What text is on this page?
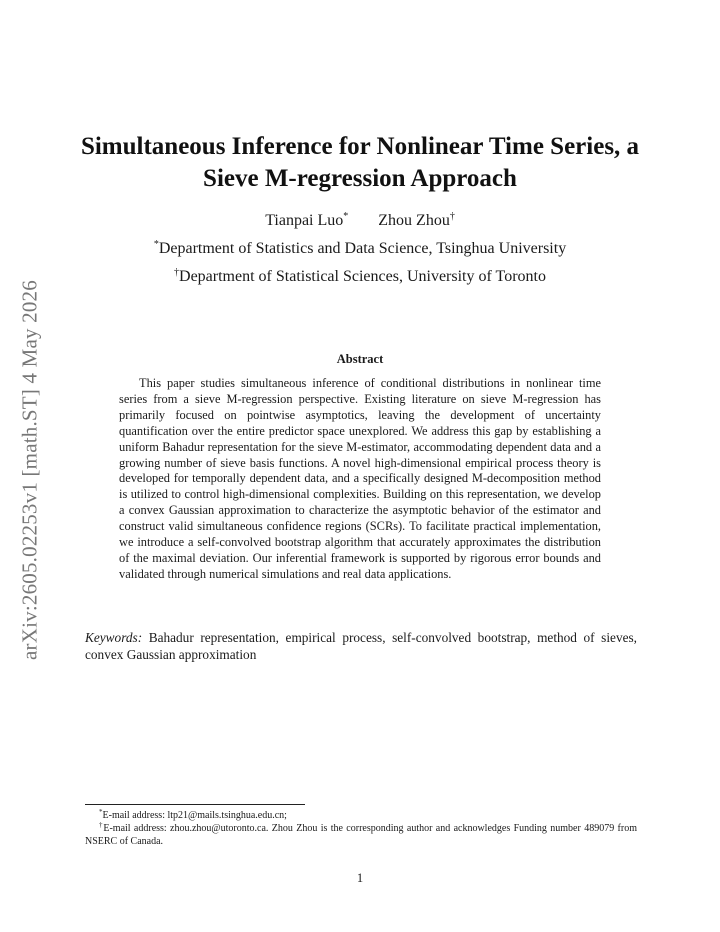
arXiv:2605.02253v1 [math.ST] 4 May 2026
Simultaneous Inference for Nonlinear Time Series, a Sieve M-regression Approach
Tianpai Luo* Zhou Zhou†
*Department of Statistics and Data Science, Tsinghua University
†Department of Statistical Sciences, University of Toronto
Abstract

This paper studies simultaneous inference of conditional distributions in nonlinear time series from a sieve M-regression perspective. Existing literature on sieve M-regression has primarily focused on pointwise asymptotics, leaving the development of uncertainty quantification over the entire predictor space unexplored. We address this gap by establishing a uniform Bahadur representation for the sieve M-estimator, accommodating dependent data and a growing number of sieve basis functions. A novel high-dimensional empirical process theory is developed for temporally dependent data, and a specifically designed M-decomposition method is utilized to control high-dimensional complexities. Building on this representation, we develop a convex Gaussian approximation to characterize the asymptotic behavior of the estimator and construct valid simultaneous confidence regions (SCRs). To facilitate practical implementation, we introduce a self-convolved bootstrap algorithm that accurately approximates the distribution of the maximal deviation. Our inferential framework is supported by rigorous error bounds and validated through numerical simulations and real data applications.

Keywords: Bahadur representation, empirical process, self-convolved bootstrap, method of sieves, convex Gaussian approximation
*E-mail address: ltp21@mails.tsinghua.edu.cn;
†E-mail address: zhou.zhou@utoronto.ca. Zhou Zhou is the corresponding author and acknowledges Funding number 489079 from NSERC of Canada.
1
